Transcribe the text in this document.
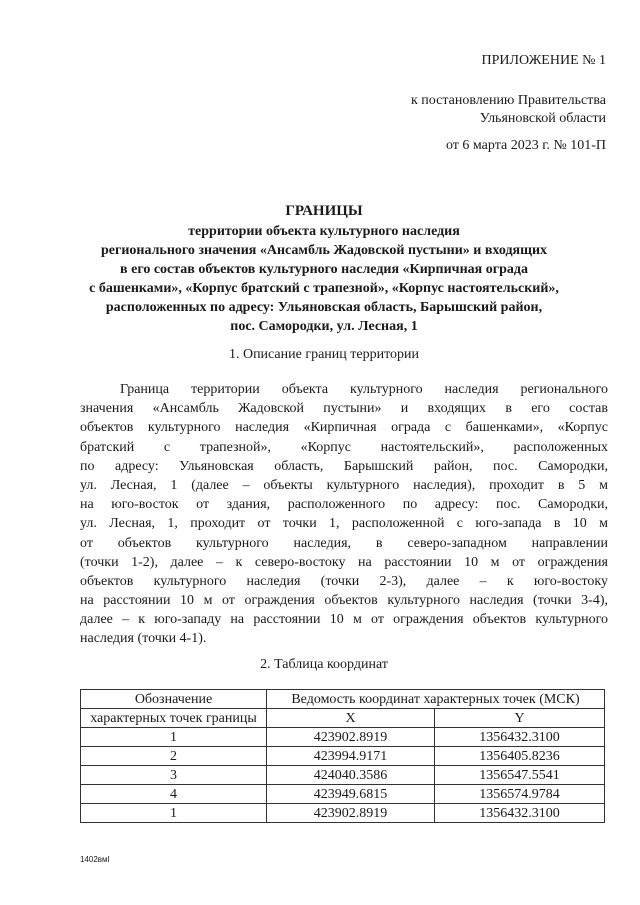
ПРИЛОЖЕНИЕ № 1
к постановлению Правительства
Ульяновской области
от 6 марта 2023 г. № 101-П
ГРАНИЦЫ
территории объекта культурного наследия
регионального значения «Ансамбль Жадовской пустыни» и входящих
в его состав объектов культурного наследия «Кирпичная ограда
с башенками», «Корпус братский с трапезной», «Корпус настоятельский»,
расположенных по адресу: Ульяновская область, Барышский район,
пос. Самородки, ул. Лесная, 1
1. Описание границ территории
Граница территории объекта культурного наследия регионального
значения «Ансамбль Жадовской пустыни» и входящих в его состав
объектов культурного наследия «Кирпичная ограда с башенками», «Корпус
братский с трапезной», «Корпус настоятельский», расположенных
по адресу: Ульяновская область, Барышский район, пос. Самородки,
ул. Лесная, 1 (далее – объекты культурного наследия), проходит в 5 м
на юго-восток от здания, расположенного по адресу: пос. Самородки,
ул. Лесная, 1, проходит от точки 1, расположенной с юго-запада в 10 м
от объектов культурного наследия, в северо-западном направлении
(точки 1-2), далее – к северо-востоку на расстоянии 10 м от ограждения
объектов культурного наследия (точки 2-3), далее – к юго-востоку
на расстоянии 10 м от ограждения объектов культурного наследия (точки 3-4),
далее – к юго-западу на расстоянии 10 м от ограждения объектов культурного
наследия (точки 4-1).
2. Таблица координат
Обозначение	Ведомость координат характерных точек (МСК)	
характерных точек границы	X	Y
1	423902.8919	1356432.3100
2	423994.9171	1356405.8236
3	424040.3586	1356547.5541
4	423949.6815	1356574.9784
1	423902.8919	1356432.3100
1402вмI
